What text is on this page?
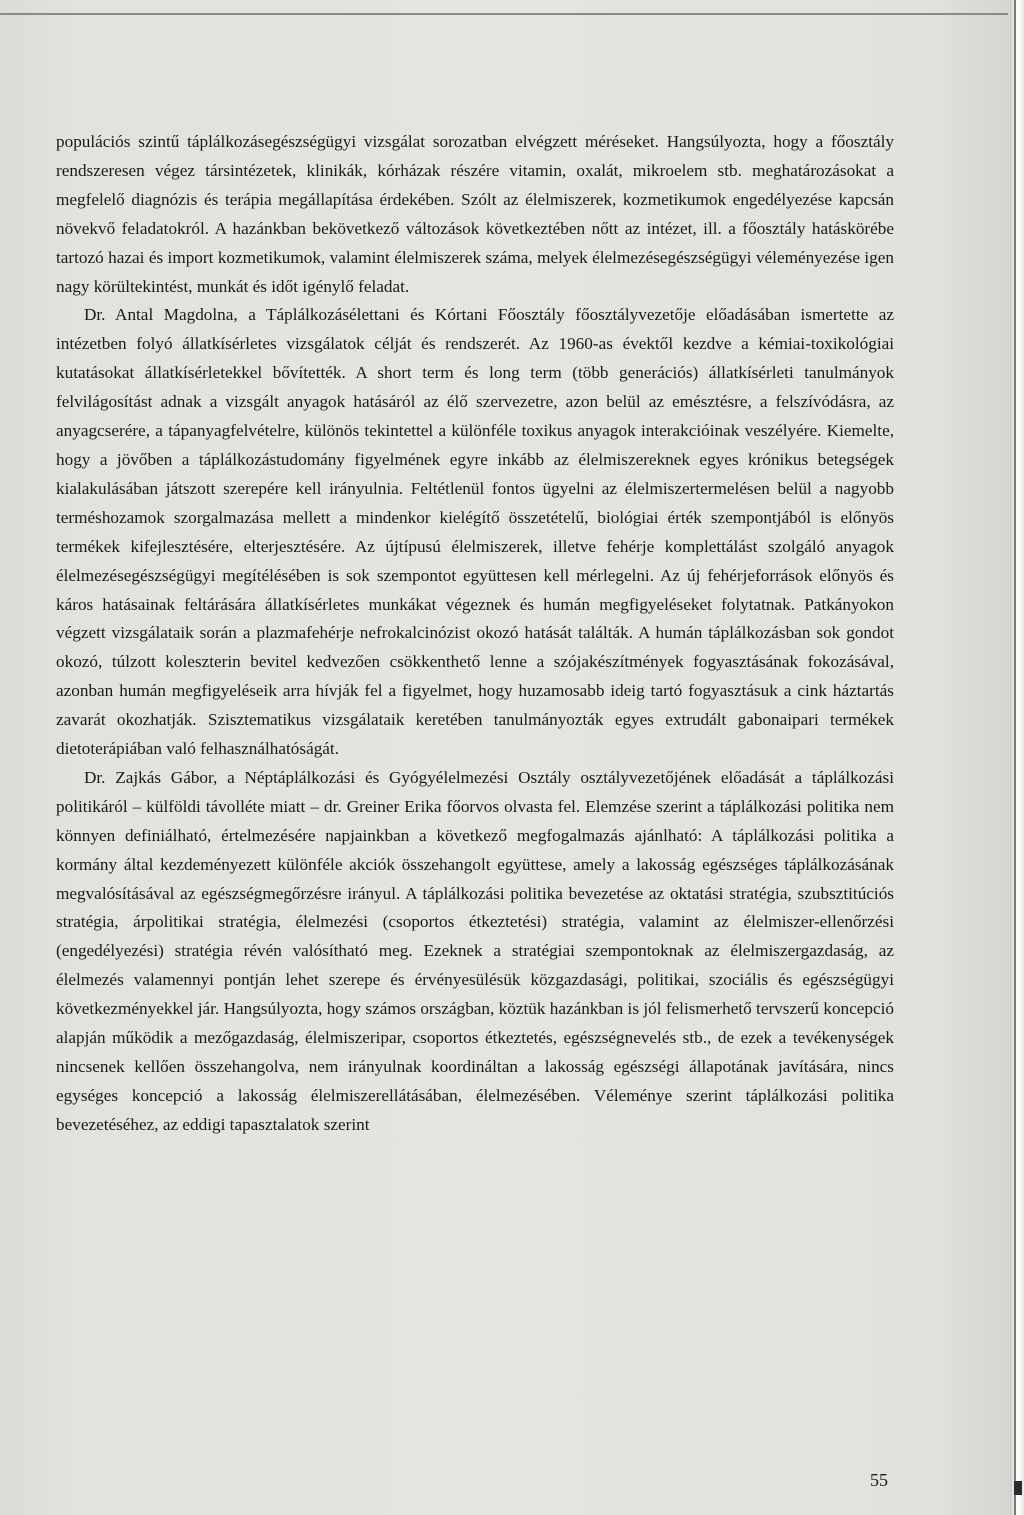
populációs szintű táplálkozásegészségügyi vizsgálat sorozatban elvégzett méréseket. Hangsúlyozta, hogy a főosztály rendszeresen végez társintézetek, klinikák, kórházak részére vitamin, oxalát, mikroelem stb. meghatározásokat a megfelelő diagnózis és terápia megállapítása érdekében. Szólt az élelmiszerek, kozmetikumok engedélyezése kapcsán növekvő feladatokról. A hazánkban bekövetkező változások következtében nőtt az intézet, ill. a főosztály hatáskörébe tartozó hazai és import kozmetikumok, valamint élelmiszerek száma, melyek élelmezésegészségügyi véleményezése igen nagy körültekintést, munkát és időt igénylő feladat.

Dr. Antal Magdolna, a Táplálkozásélettani és Kórtani Főosztály főosztályvezetője előadásában ismertette az intézetben folyó állatkísérletes vizsgálatok célját és rendszerét. Az 1960-as évektől kezdve a kémiai-toxikológiai kutatásokat állatkísérletekkel bővítették. A short term és long term (több generációs) állatkísérleti tanulmányok felvilágosítást adnak a vizsgált anyagok hatásáról az élő szervezetre, azon belül az emésztésre, a felszívódásra, az anyagcserére, a tápanyagfelvételre, különös tekintettel a különféle toxikus anyagok interakcióinak veszélyére. Kiemelte, hogy a jövőben a táplálkozástudomány figyelmének egyre inkább az élelmiszereknek egyes krónikus betegségek kialakulásában játszott szerepére kell irányulnia. Feltétlenül fontos ügyelni az élelmiszertermelésen belül a nagyobb terméshozamok szorgalmazása mellett a mindenkor kielégítő összetételű, biológiai érték szempontjából is előnyös termékek kifejlesztésére, elterjesztésére. Az újtípusú élelmiszerek, illetve fehérje komplettálást szolgáló anyagok élelmezésegészségügyi megítélésében is sok szempontot együttesen kell mérlegelni. Az új fehérjeforrások előnyös és káros hatásainak feltárására állatkísérletes munkákat végeznek és humán megfigyeléseket folytatnak. Patkányokon végzett vizsgálataik során a plazmafehérje nefrokalcinózist okozó hatását találták. A humán táplálkozásban sok gondot okozó, túlzott koleszterin bevitel kedvezően csökkenthető lenne a szójakészítmények fogyasztásának fokozásával, azonban humán megfigyeléseik arra hívják fel a figyelmet, hogy huzamosabb ideig tartó fogyasztásuk a cink háztartás zavarát okozhatják. Szisztematikus vizsgálataik keretében tanulmányozták egyes extrudált gabonaipari termékek dietoterápiában való felhasználhatóságát.

Dr. Zajkás Gábor, a Néptáplálkozási és Gyógyélelmezési Osztály osztályvezetőjének előadását a táplálkozási politikáról – külföldi távolléte miatt – dr. Greiner Erika főorvos olvasta fel. Elemzése szerint a táplálkozási politika nem könnyen definiálható, értelmezésére napjainkban a következő megfogalmazás ajánlható: A táplálkozási politika a kormány által kezdeményezett különféle akciók összehangolt együttese, amely a lakosság egészséges táplálkozásának megvalósításával az egészségmegőrzésre irányul. A táplálkozási politika bevezetése az oktatási stratégia, szubsztitúciós stratégia, árpolitikai stratégia, élelmezési (csoportos étkeztetési) stratégia, valamint az élelmiszer-ellenőrzési (engedélyezési) stratégia révén valósítható meg. Ezeknek a stratégiai szempontoknak az élelmiszergazdaság, az élelmezés valamennyi pontján lehet szerepe és érvényesülésük közgazdasági, politikai, szociális és egészségügyi következményekkel jár. Hangsúlyozta, hogy számos országban, köztük hazánkban is jól felismerhető tervszerű koncepció alapján működik a mezőgazdaság, élelmiszeripar, csoportos étkeztetés, egészségnevelés stb., de ezek a tevékenységek nincsenek kellően összehangolva, nem irányulnak koordináltan a lakosság egészségi állapotának javítására, nincs egységes koncepció a lakosság élelmiszerellátásában, élelmezésében. Véleménye szerint táplálkozási politika bevezetéséhez, az eddigi tapasztalatok szerint

55
